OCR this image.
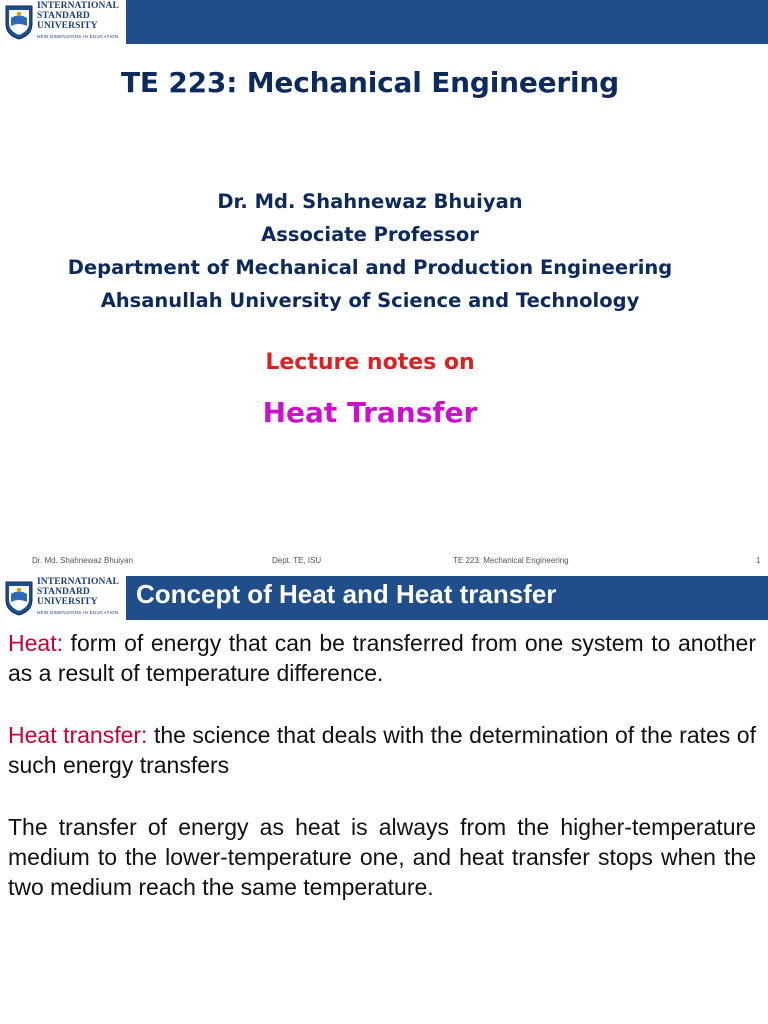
INTERNATIONAL
STANDARD
UNIVERSITY
NEW DIMENSIONS IN EDUCATION
TE 223: Mechanical Engineering
Dr. Md. Shahnewaz Bhuiyan
Associate Professor
Department of Mechanical and Production Engineering
Ahsanullah University of Science and Technology
Lecture notes on
Heat Transfer
Dr. Md. Shahnewaz Bhuiyan	Dept. TE, ISU	TE 223: Mechanical Engineering	1
INTERNATIONAL
STANDARD
UNIVERSITY
NEW DIMENSIONS IN EDUCATION
Concept of Heat and Heat transfer
Heat: form of energy that can be transferred from one system to another as a result of temperature difference.
Heat transfer: the science that deals with the determination of the rates of such energy transfers
The transfer of energy as heat is always from the higher-temperature medium to the lower-temperature one, and heat transfer stops when the two medium reach the same temperature.
